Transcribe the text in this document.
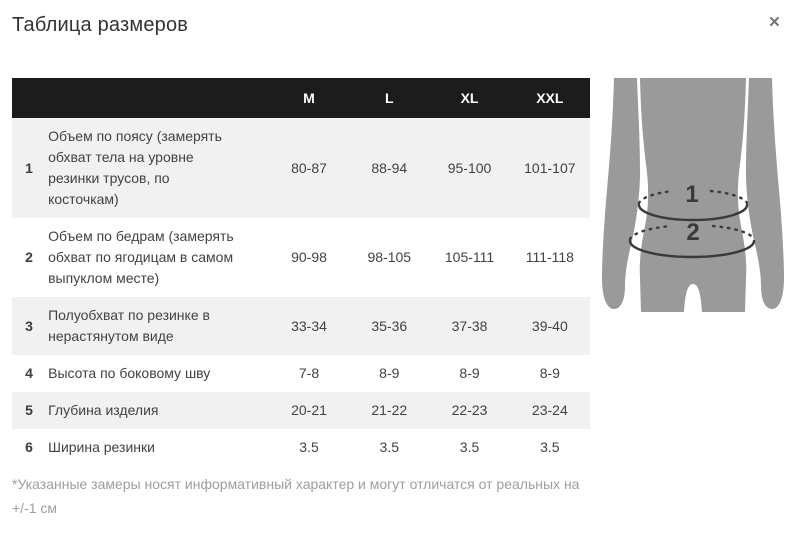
Таблица размеров	×
		M	L	XL	XXL
1	Объем по поясу (замерять обхват тела на уровне резинки трусов, по косточкам)	80-87	88-94	95-100	101-107
2	Объем по бедрам (замерять обхват по ягодицам в самом выпуклом месте)	90-98	98-105	105-111	111-118
3	Полуобхват по резинке в нерастянутом виде	33-34	35-36	37-38	39-40
4	Высота по боковому шву	7-8	8-9	8-9	8-9
5	Глубина изделия	20-21	21-22	22-23	23-24
6	Ширина резинки	3.5	3.5	3.5	3.5
1
2
*Указанные замеры носят информативный характер и могут отличатся от реальных на +/-1 см
